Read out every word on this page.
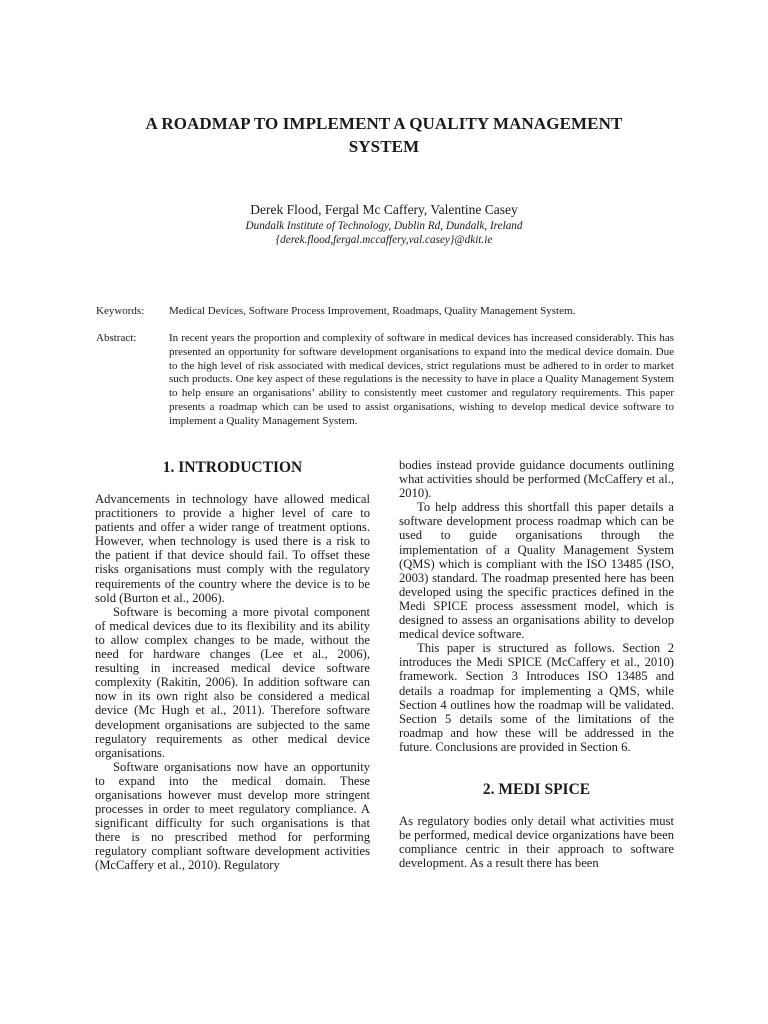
A ROADMAP TO IMPLEMENT A QUALITY MANAGEMENT
SYSTEM
Derek Flood, Fergal Mc Caffery, Valentine Casey
Dundalk Institute of Technology, Dublin Rd, Dundalk, Ireland
{derek.flood,fergal.mccaffery,val.casey}@dkit.ie
Keywords: Medical Devices, Software Process Improvement, Roadmaps, Quality Management System.
Abstract:	In recent years the proportion and complexity of software in medical devices has increased considerably. This has presented an opportunity for software development organisations to expand into the medical device domain. Due to the high level of risk associated with medical devices, strict regulations must be adhered to in order to market such products. One key aspect of these regulations is the necessity to have in place a Quality Management System to help ensure an organisations’ ability to consistently meet customer and regulatory requirements. This paper presents a roadmap which can be used to assist organisations, wishing to develop medical device software to implement a Quality Management System.
1. INTRODUCTION

Advancements in technology have allowed medical practitioners to provide a higher level of care to patients and offer a wider range of treatment options. However, when technology is used there is a risk to the patient if that device should fail. To offset these risks organisations must comply with the regulatory requirements of the country where the device is to be sold (Burton et al., 2006).

Software is becoming a more pivotal component of medical devices due to its flexibility and its ability to allow complex changes to be made, without the need for hardware changes (Lee et al., 2006), resulting in increased medical device software complexity (Rakitin, 2006). In addition software can now in its own right also be considered a medical device (Mc Hugh et al., 2011). Therefore software development organisations are subjected to the same regulatory requirements as other medical device organisations.

Software organisations now have an opportunity to expand into the medical domain. These organisations however must develop more stringent processes in order to meet regulatory compliance. A significant difficulty for such organisations is that there is no prescribed method for performing regulatory compliant software development activities (McCaffery et al., 2010). Regulatory

bodies instead provide guidance documents outlining what activities should be performed (McCaffery et al., 2010).

To help address this shortfall this paper details a software development process roadmap which can be used to guide organisations through the implementation of a Quality Management System (QMS) which is compliant with the ISO 13485 (ISO, 2003) standard. The roadmap presented here has been developed using the specific practices defined in the Medi SPICE process assessment model, which is designed to assess an organisations ability to develop medical device software.

This paper is structured as follows. Section 2 introduces the Medi SPICE (McCaffery et al., 2010) framework. Section 3 Introduces ISO 13485 and details a roadmap for implementing a QMS, while Section 4 outlines how the roadmap will be validated. Section 5 details some of the limitations of the roadmap and how these will be addressed in the future. Conclusions are provided in Section 6.

2. MEDI SPICE

As regulatory bodies only detail what activities must be performed, medical device organizations have been compliance centric in their approach to software development. As a result there has been
